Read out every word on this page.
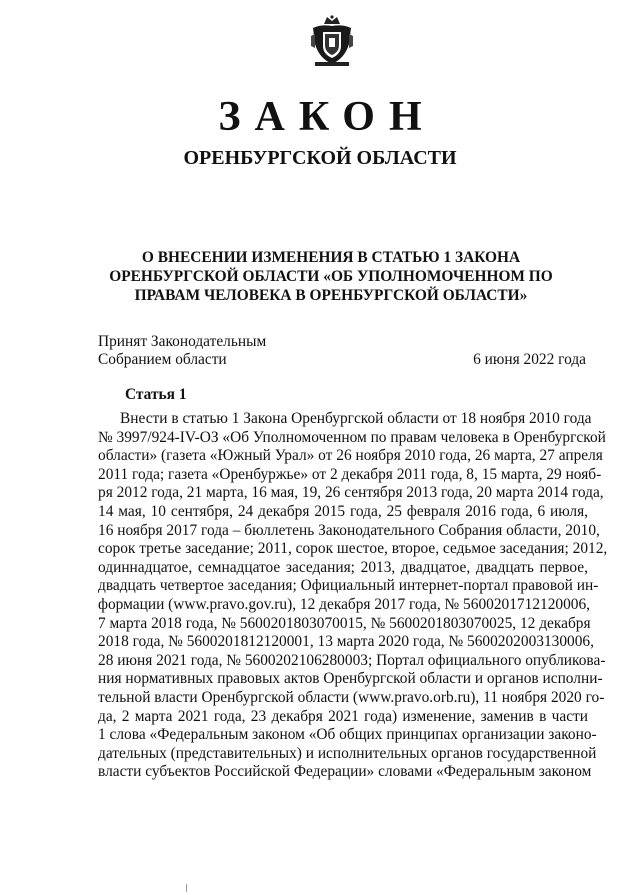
ЗАКОН
ОРЕНБУРГСКОЙ ОБЛАСТИ
О ВНЕСЕНИИ ИЗМЕНЕНИЯ В СТАТЬЮ 1 ЗАКОНА
ОРЕНБУРГСКОЙ ОБЛАСТИ «ОБ УПОЛНОМОЧЕННОМ ПО
ПРАВАМ ЧЕЛОВЕКА В ОРЕНБУРГСКОЙ ОБЛАСТИ»
Принят Законодательным
Собранием области	6 июня 2022 года
Статья 1
Внести в статью 1 Закона Оренбургской области от 18 ноября 2010 года
№ 3997/924-IV-ОЗ «Об Уполномоченном по правам человека в Оренбургской
области» (газета «Южный Урал» от 26 ноября 2010 года, 26 марта, 27 апреля
2011 года; газета «Оренбуржье» от 2 декабря 2011 года, 8, 15 марта, 29 нояб-
ря 2012 года, 21 марта, 16 мая, 19, 26 сентября 2013 года, 20 марта 2014 года,
14 мая, 10 сентября, 24 декабря 2015 года, 25 февраля 2016 года, 6 июля,
16 ноября 2017 года – бюллетень Законодательного Собрания области, 2010,
сорок третье заседание; 2011, сорок шестое, второе, седьмое заседания; 2012,
одиннадцатое, семнадцатое заседания; 2013, двадцатое, двадцать первое,
двадцать четвертое заседания; Официальный интернет-портал правовой ин-
формации (www.pravo.gov.ru), 12 декабря 2017 года, № 5600201712120006,
7 марта 2018 года, № 5600201803070015, № 5600201803070025, 12 декабря
2018 года, № 5600201812120001, 13 марта 2020 года, № 5600202003130006,
28 июня 2021 года, № 5600202106280003; Портал официального опубликова-
ния нормативных правовых актов Оренбургской области и органов исполни-
тельной власти Оренбургской области (www.pravo.orb.ru), 11 ноября 2020 го-
да, 2 марта 2021 года, 23 декабря 2021 года) изменение, заменив в части
1 слова «Федеральным законом «Об общих принципах организации законо-
дательных (представительных) и исполнительных органов государственной
власти субъектов Российской Федерации» словами «Федеральным законом
